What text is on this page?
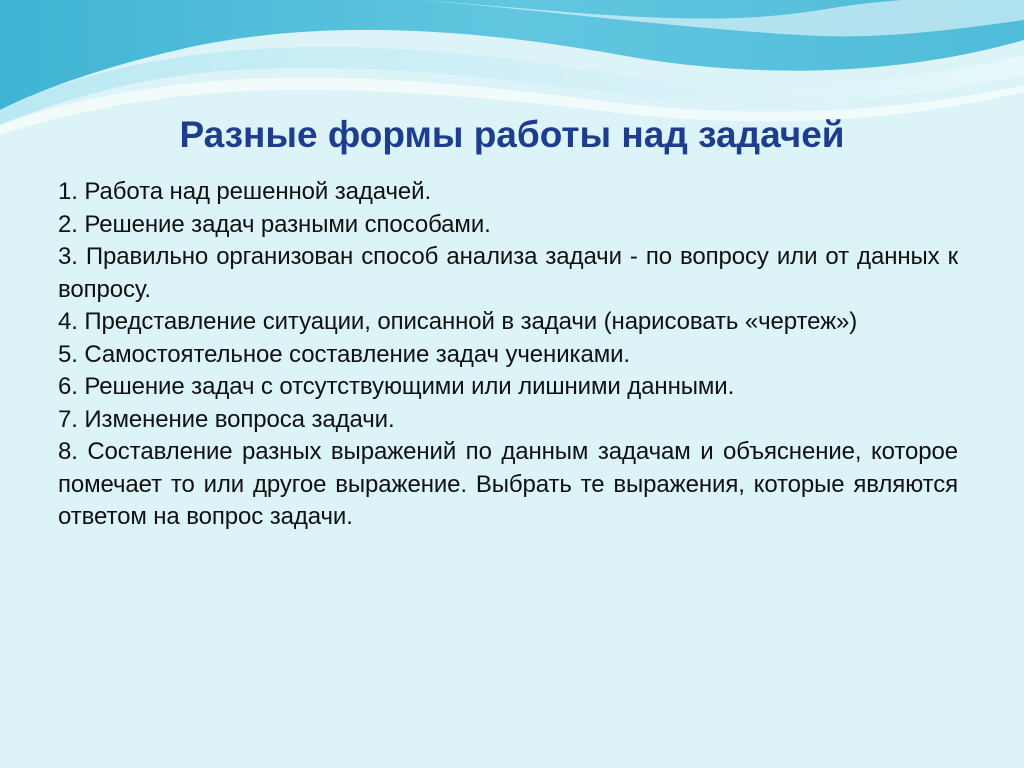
Разные формы работы над задачей
1. Работа над решенной задачей.
2. Решение задач разными способами.
3. Правильно организован способ анализа задачи - по вопросу или от данных к вопросу.
4. Представление ситуации, описанной в задачи (нарисовать «чертеж»)
5. Самостоятельное составление задач учениками.
6. Решение задач с отсутствующими или лишними данными.
7. Изменение вопроса задачи.
8. Составление разных выражений по данным задачам и объяснение, которое помечает то или другое выражение. Выбрать те выражения, которые являются ответом на вопрос задачи.
